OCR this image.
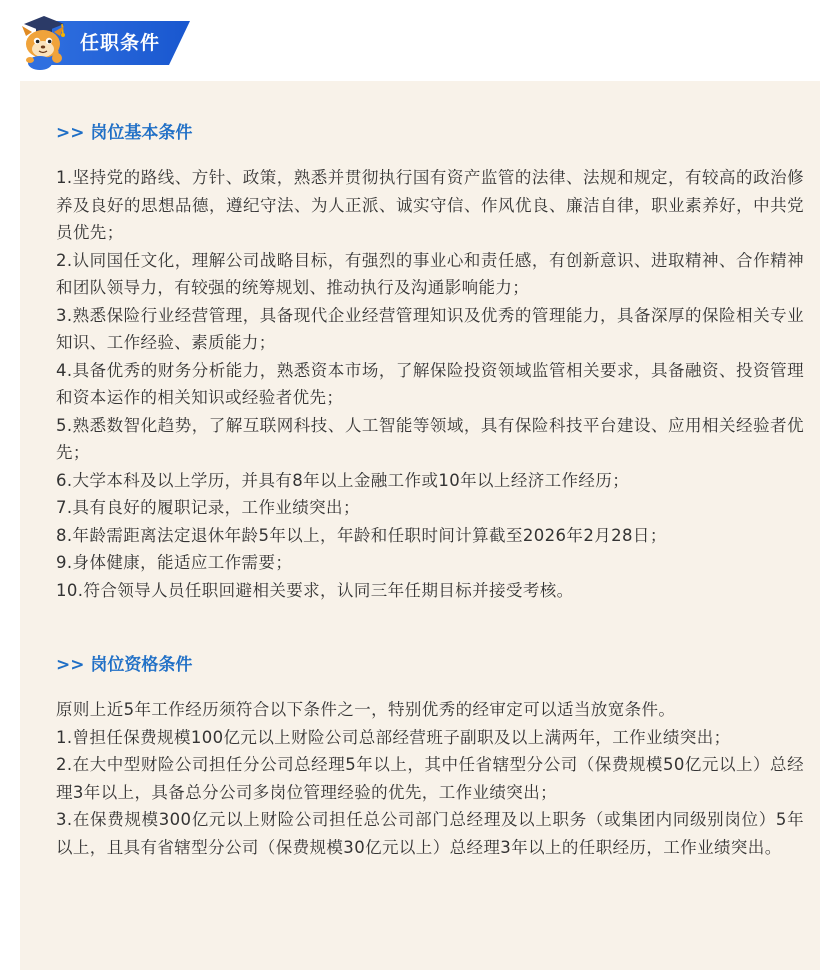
任职条件
>> 岗位基本条件
1.坚持党的路线、方针、政策，熟悉并贯彻执行国有资产监管的法律、法规和规定，有较高的政治修养及良好的思想品德，遵纪守法、为人正派、诚实守信、作风优良、廉洁自律，职业素养好，中共党员优先；
2.认同国任文化，理解公司战略目标，有强烈的事业心和责任感，有创新意识、进取精神、合作精神和团队领导力，有较强的统筹规划、推动执行及沟通影响能力；
3.熟悉保险行业经营管理，具备现代企业经营管理知识及优秀的管理能力，具备深厚的保险相关专业知识、工作经验、素质能力；
4.具备优秀的财务分析能力，熟悉资本市场，了解保险投资领域监管相关要求，具备融资、投资管理和资本运作的相关知识或经验者优先；
5.熟悉数智化趋势，了解互联网科技、人工智能等领域，具有保险科技平台建设、应用相关经验者优先；
6.大学本科及以上学历，并具有8年以上金融工作或10年以上经济工作经历；
7.具有良好的履职记录，工作业绩突出；
8.年龄需距离法定退休年龄5年以上，年龄和任职时间计算截至2026年2月28日；
9.身体健康，能适应工作需要；
10.符合领导人员任职回避相关要求，认同三年任期目标并接受考核。
>> 岗位资格条件
原则上近5年工作经历须符合以下条件之一，特别优秀的经审定可以适当放宽条件。
1.曾担任保费规模100亿元以上财险公司总部经营班子副职及以上满两年，工作业绩突出；
2.在大中型财险公司担任分公司总经理5年以上，其中任省辖型分公司（保费规模50亿元以上）总经理3年以上，具备总分公司多岗位管理经验的优先，工作业绩突出；
3.在保费规模300亿元以上财险公司担任总公司部门总经理及以上职务（或集团内同级别岗位）5年以上，且具有省辖型分公司（保费规模30亿元以上）总经理3年以上的任职经历，工作业绩突出。
